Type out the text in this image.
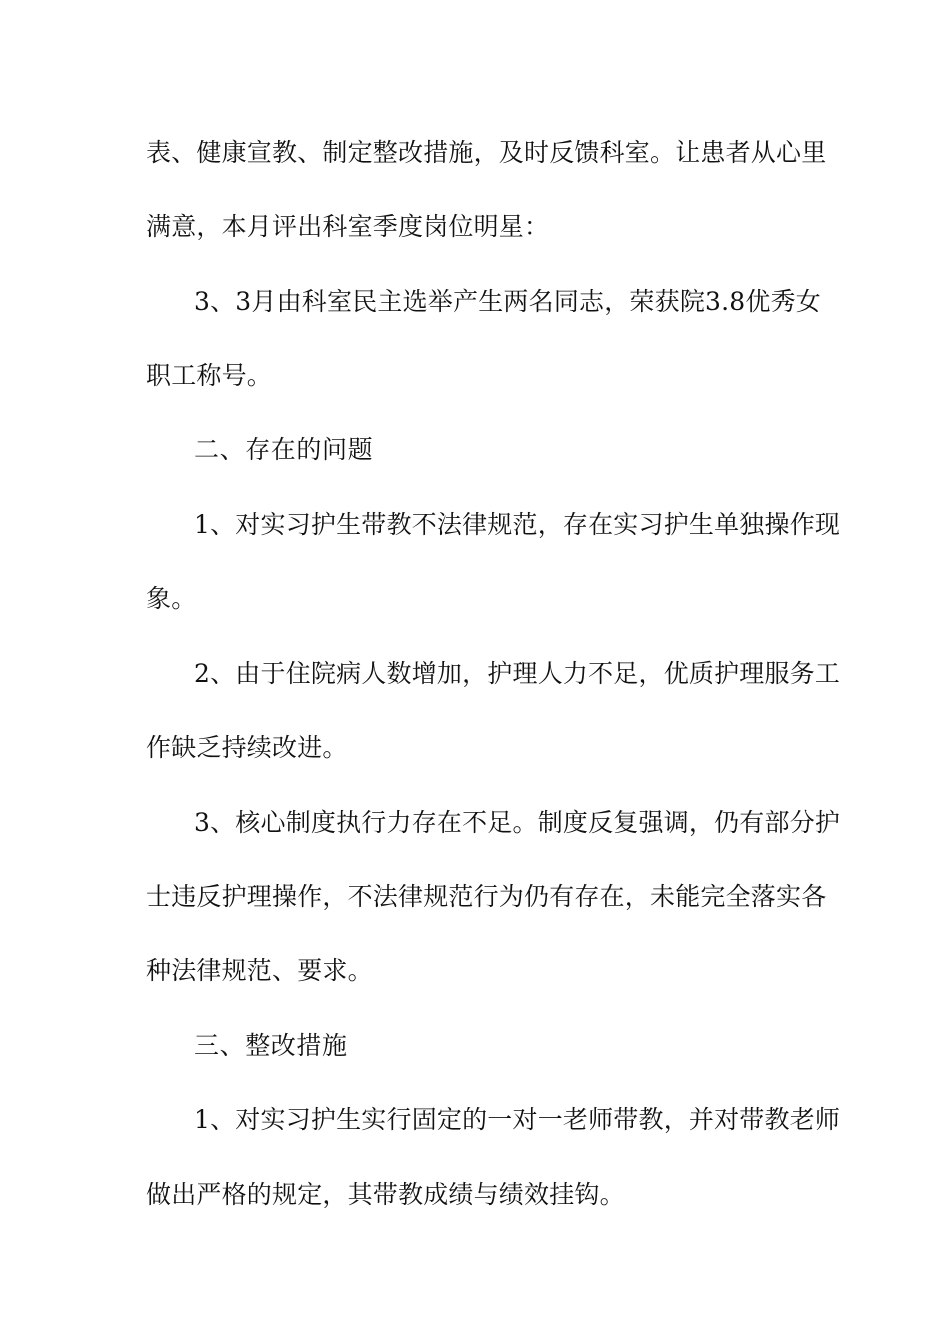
表、健康宣教、制定整改措施，及时反馈科室。让患者从心里
满意，本月评出科室季度岗位明星：
3、3月由科室民主选举产生两名同志，荣获院3.8优秀女
职工称号。
二、存在的问题
1、对实习护生带教不法律规范，存在实习护生单独操作现
象。
2、由于住院病人数增加，护理人力不足，优质护理服务工
作缺乏持续改进。
3、核心制度执行力存在不足。制度反复强调，仍有部分护
士违反护理操作，不法律规范行为仍有存在，未能完全落实各
种法律规范、要求。
三、整改措施
1、对实习护生实行固定的一对一老师带教，并对带教老师
做出严格的规定，其带教成绩与绩效挂钩。
